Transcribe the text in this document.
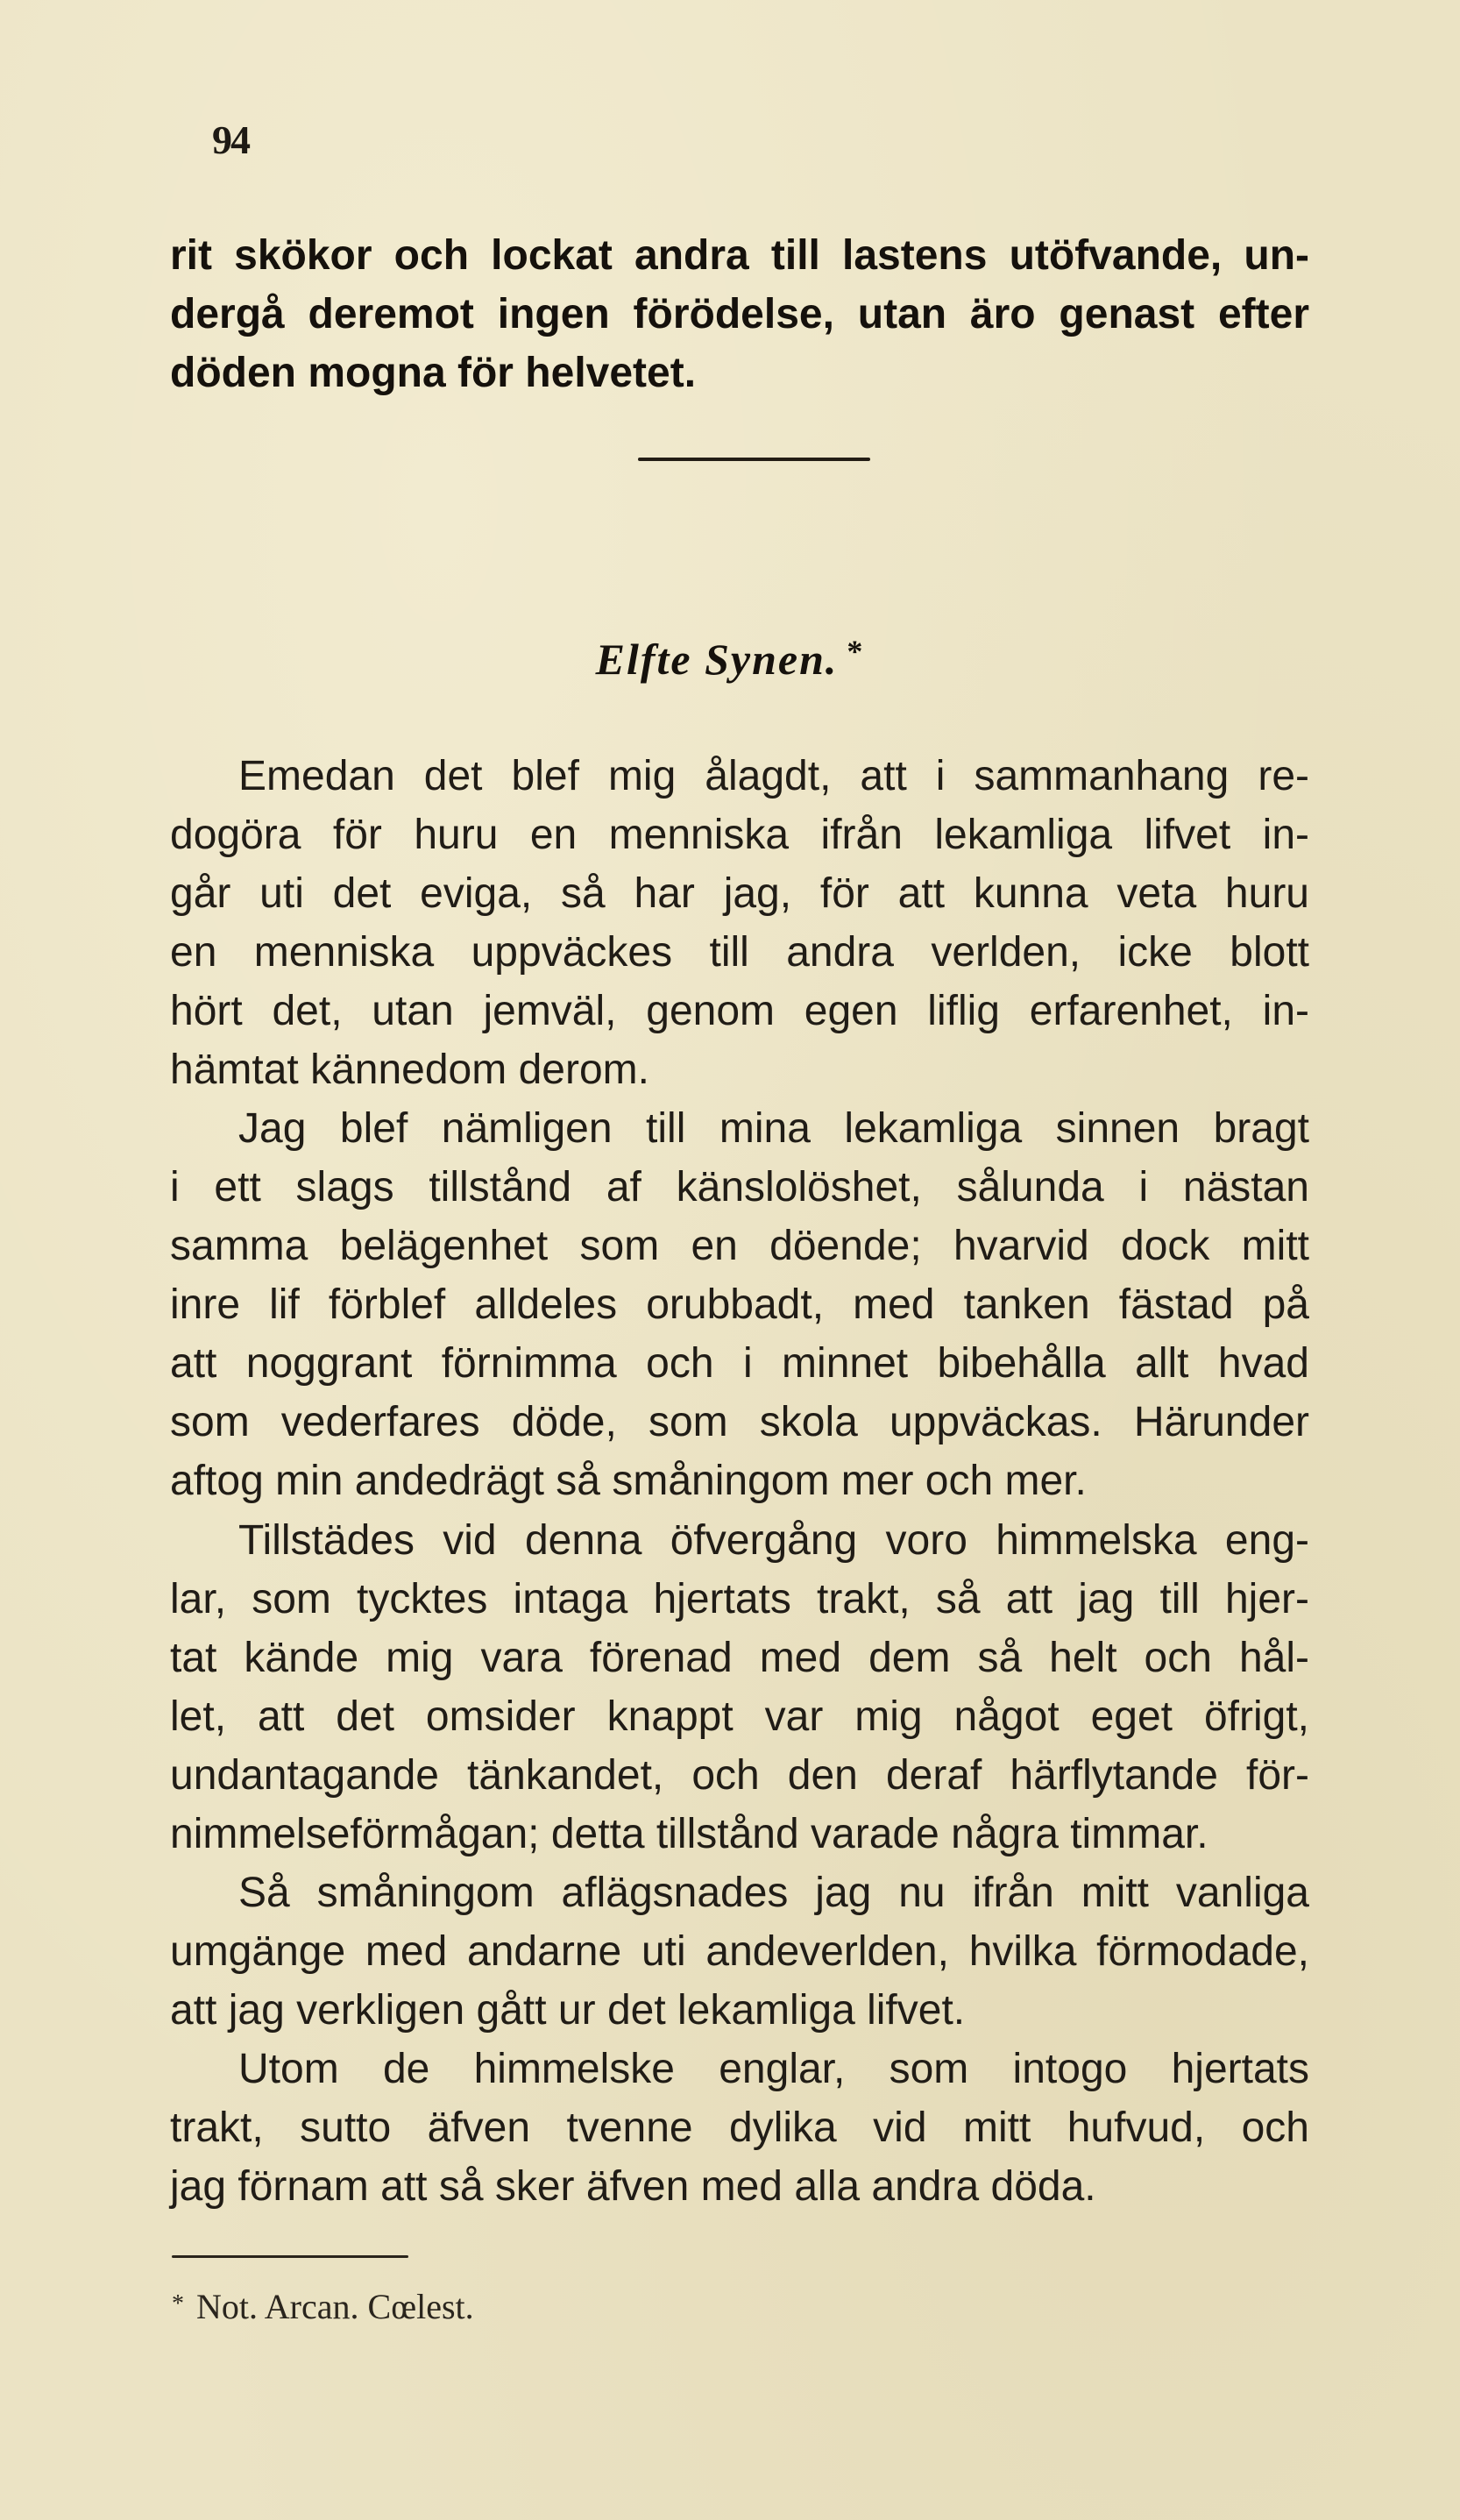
94
rit skökor och lockat andra till lastens utöfvande, un-
dergå deremot ingen förödelse, utan äro genast efter
döden mogna för helvetet.
Elfte Synen. *
Emedan det blef mig ålagdt, att i sammanhang re-
dogöra för huru en menniska ifrån lekamliga lifvet in-
går uti det eviga, så har jag, för att kunna veta huru
en menniska uppväckes till andra verlden, icke blott
hört det, utan jemväl, genom egen liflig erfarenhet, in-
hämtat kännedom derom.
Jag blef nämligen till mina lekamliga sinnen bragt
i ett slags tillstånd af känslolöshet, sålunda i nästan
samma belägenhet som en döende; hvarvid dock mitt
inre lif förblef alldeles orubbadt, med tanken fästad på
att noggrant förnimma och i minnet bibehålla allt hvad
som vederfares döde, som skola uppväckas. Härunder
aftog min andedrägt så småningom mer och mer.
Tillstädes vid denna öfvergång voro himmelska eng-
lar, som tycktes intaga hjertats trakt, så att jag till hjer-
tat kände mig vara förenad med dem så helt och hål-
let, att det omsider knappt var mig något eget öfrigt,
undantagande tänkandet, och den deraf härflytande för-
nimmelseförmågan; detta tillstånd varade några timmar.
Så småningom aflägsnades jag nu ifrån mitt vanliga
umgänge med andarne uti andeverlden, hvilka förmodade,
att jag verkligen gått ur det lekamliga lifvet.
Utom de himmelske englar, som intogo hjertats
trakt, sutto äfven tvenne dylika vid mitt hufvud, och
jag förnam att så sker äfven med alla andra döda.
* Not. Arcan. Cœlest.
